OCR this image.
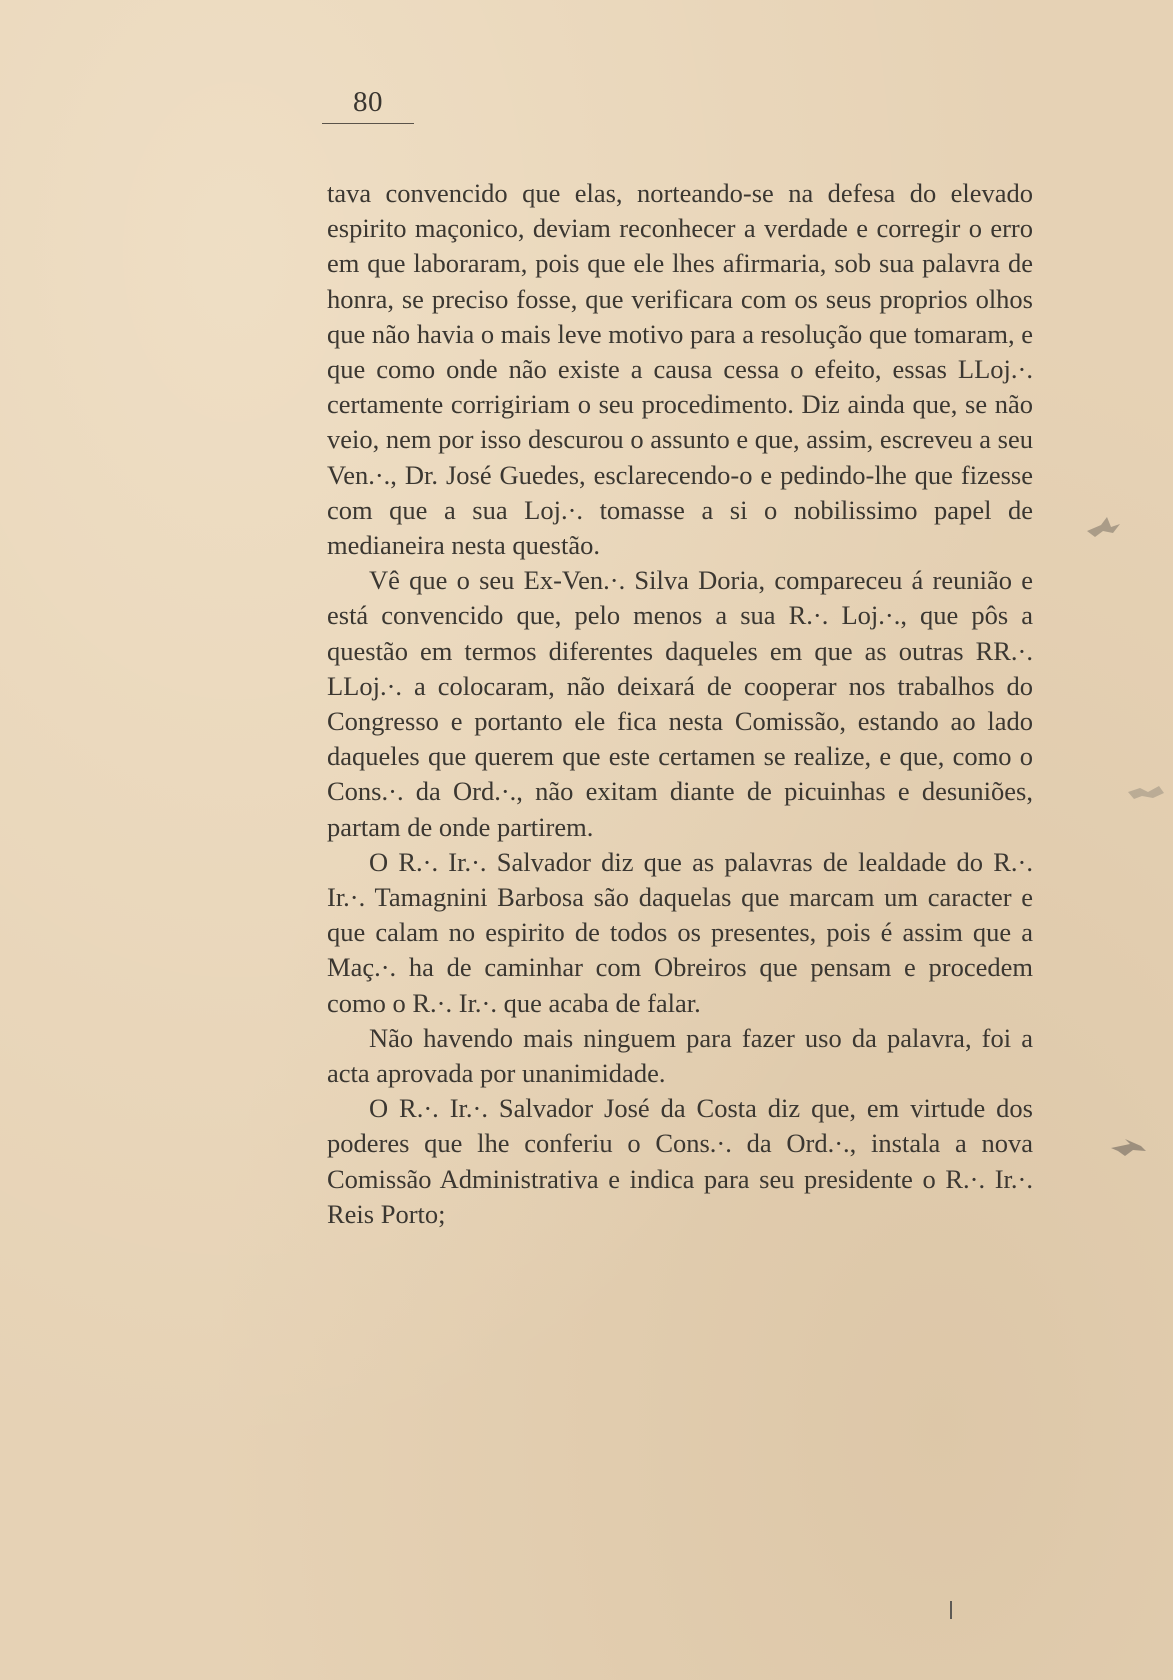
80

tava convencido que elas, norteando-se na defesa do elevado espirito maçonico, deviam reconhecer a verdade e corregir o erro em que laboraram, pois que ele lhes afirmaria, sob sua palavra de honra, se preciso fosse, que verificara com os seus proprios olhos que não havia o mais leve motivo para a resolução que tomaram, e que como onde não existe a causa cessa o efeito, essas LLoj.·. certamente corrigiriam o seu procedimento. Diz ainda que, se não veio, nem por isso descurou o assunto e que, assim, escreveu a seu Ven.·., Dr. José Guedes, esclarecendo-o e pedindo-lhe que fizesse com que a sua Loj.·. tomasse a si o nobilissimo papel de medianeira nesta questão.

Vê que o seu Ex-Ven.·. Silva Doria, compareceu á reunião e está convencido que, pelo menos a sua R.·. Loj.·., que pôs a questão em termos diferentes daqueles em que as outras RR.·. LLoj.·. a colocaram, não deixará de cooperar nos trabalhos do Congresso e portanto ele fica nesta Comissão, estando ao lado daqueles que querem que este certamen se realize, e que, como o Cons.·. da Ord.·., não exitam diante de picuinhas e desuniões, partam de onde partirem.

O R.·. Ir.·. Salvador diz que as palavras de lealdade do R.·. Ir.·. Tamagnini Barbosa são daquelas que marcam um caracter e que calam no espirito de todos os presentes, pois é assim que a Maç.·. ha de caminhar com Obreiros que pensam e procedem como o R.·. Ir.·. que acaba de falar.

Não havendo mais ninguem para fazer uso da palavra, foi a acta aprovada por unanimidade.

O R.·. Ir.·. Salvador José da Costa diz que, em virtude dos poderes que lhe conferiu o Cons.·. da Ord.·., instala a nova Comissão Administrativa e indica para seu presidente o R.·. Ir.·. Reis Porto;
